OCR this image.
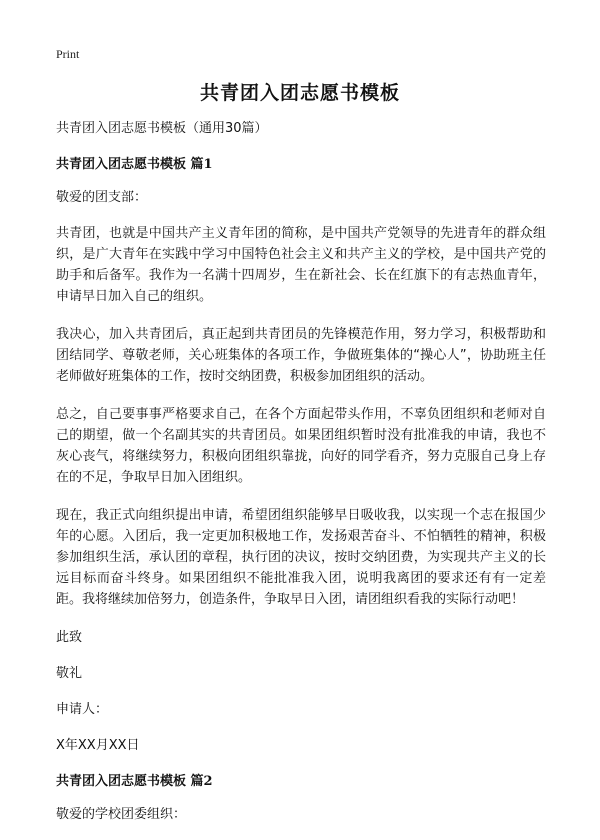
Print
共青团入团志愿书模板

共青团入团志愿书模板（通用30篇）

共青团入团志愿书模板 篇1

敬爱的团支部：

共青团，也就是中国共产主义青年团的简称，是中国共产党领导的先进青年的群众组织，是广大青年在实践中学习中国特色社会主义和共产主义的学校，是中国共产党的助手和后备军。我作为一名满十四周岁，生在新社会、长在红旗下的有志热血青年，申请早日加入自己的组织。

我决心，加入共青团后，真正起到共青团员的先锋模范作用，努力学习，积极帮助和团结同学、尊敬老师，关心班集体的各项工作，争做班集体的“操心人”，协助班主任老师做好班集体的工作，按时交纳团费，积极参加团组织的活动。

总之，自己要事事严格要求自己，在各个方面起带头作用，不辜负团组织和老师对自己的期望，做一个名副其实的共青团员。如果团组织暂时没有批准我的申请，我也不灰心丧气，将继续努力，积极向团组织靠拢，向好的同学看齐，努力克服自己身上存在的不足，争取早日加入团组织。

现在，我正式向组织提出申请，希望团组织能够早日吸收我，以实现一个志在报国少年的心愿。入团后，我一定更加积极地工作，发扬艰苦奋斗、不怕牺牲的精神，积极参加组织生活，承认团的章程，执行团的决议，按时交纳团费，为实现共产主义的长远目标而奋斗终身。如果团组织不能批准我入团，说明我离团的要求还有有一定差距。我将继续加倍努力，创造条件，争取早日入团，请团组织看我的实际行动吧！

此致

敬礼

申请人：

X年XX月XX日

共青团入团志愿书模板 篇2

敬爱的学校团委组织：
